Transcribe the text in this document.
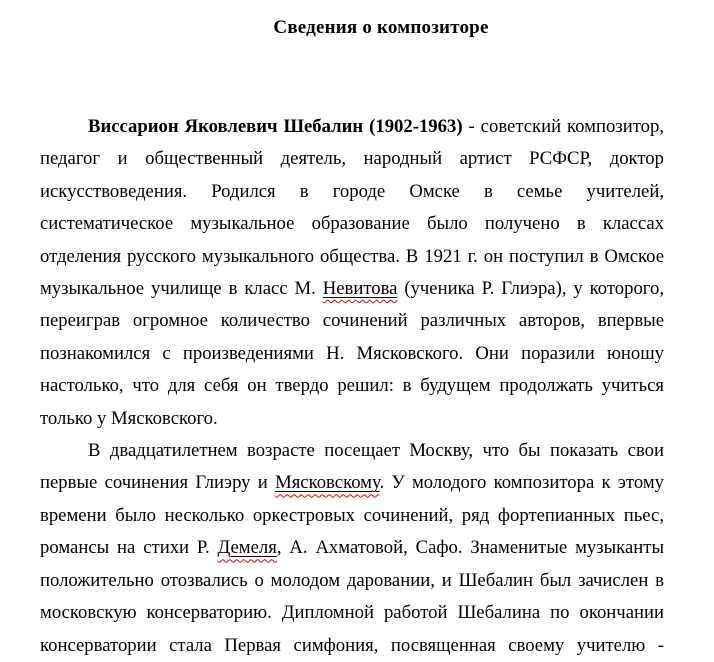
Сведения о композиторе

Виссарион Яковлевич Шебалин (1902-1963) - советский композитор, педагог и общественный деятель, народный артист РСФСР, доктор искусствоведения. Родился в городе Омске в семье учителей, систематическое музыкальное образование было получено в классах отделения русского музыкального общества. В 1921 г. он поступил в Омское музыкальное училище в класс М. Невитова (ученика Р. Глиэра), у которого, переиграв огромное количество сочинений различных авторов, впервые познакомился с произведениями Н. Мясковского. Они поразили юношу настолько, что для себя он твердо решил: в будущем продолжать учиться только у Мясковского.

В двадцатилетнем возрасте посещает Москву, что бы показать свои первые сочинения Глиэру и Мясковскому. У молодого композитора к этому времени было несколько оркестровых сочинений, ряд фортепианных пьес, романсы на стихи Р. Демеля, А. Ахматовой, Сафо. Знаменитые музыканты положительно отозвались о молодом даровании, и Шебалин был зачислен в московскую консерваторию. Дипломной работой Шебалина по окончании консерватории стала Первая симфония, посвященная своему учителю -
